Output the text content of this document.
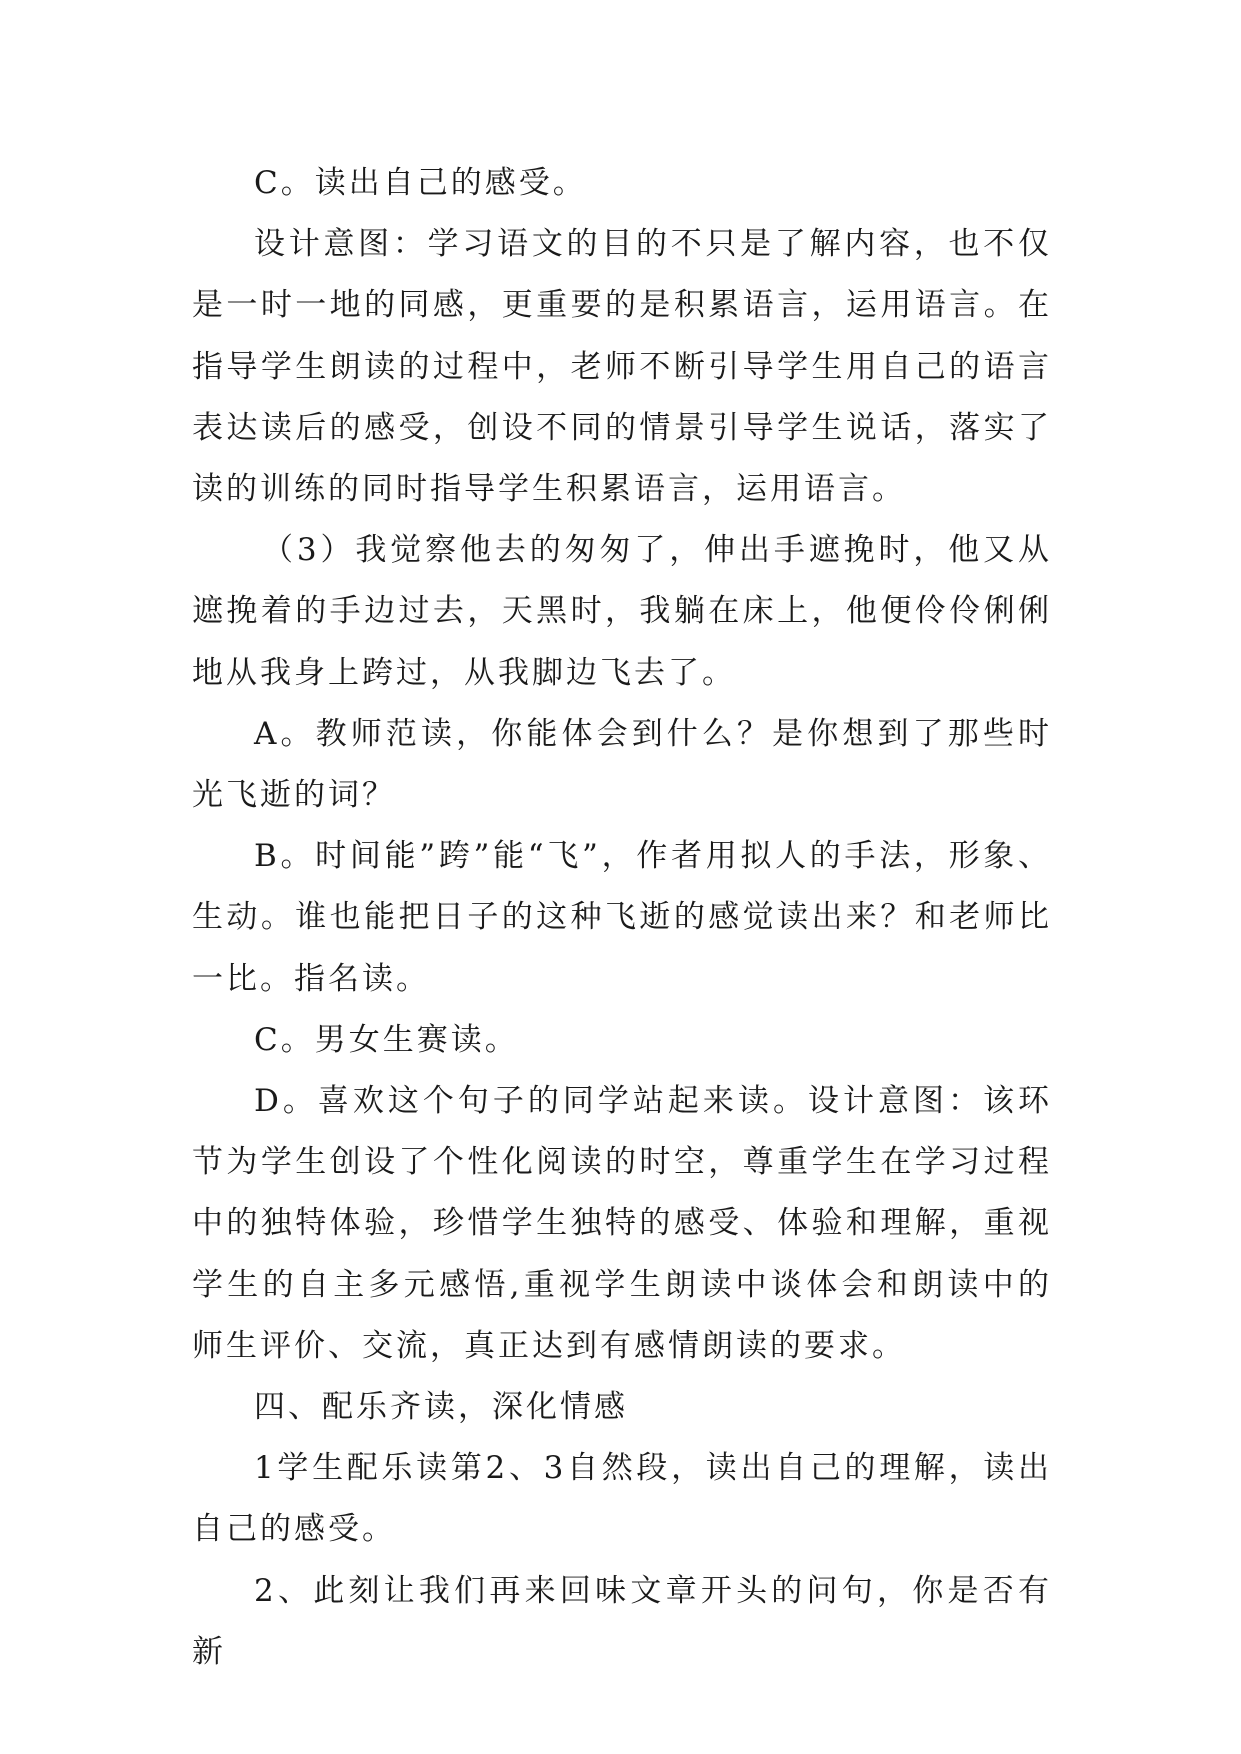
C。读出自己的感受。

设计意图：学习语文的目的不只是了解内容，也不仅是一时一地的同感，更重要的是积累语言，运用语言。在指导学生朗读的过程中，老师不断引导学生用自己的语言表达读后的感受，创设不同的情景引导学生说话，落实了读的训练的同时指导学生积累语言，运用语言。

（3）我觉察他去的匆匆了，伸出手遮挽时，他又从遮挽着的手边过去，天黑时，我躺在床上，他便伶伶俐俐地从我身上跨过，从我脚边飞去了。

A。教师范读，你能体会到什么？是你想到了那些时光飞逝的词？

B。时间能”跨”能“飞”，作者用拟人的手法，形象、生动。谁也能把日子的这种飞逝的感觉读出来？和老师比一比。指名读。

C。男女生赛读。

D。喜欢这个句子的同学站起来读。设计意图：该环节为学生创设了个性化阅读的时空，尊重学生在学习过程中的独特体验，珍惜学生独特的感受、体验和理解，重视学生的自主多元感悟,重视学生朗读中谈体会和朗读中的师生评价、交流，真正达到有感情朗读的要求。

四、配乐齐读，深化情感

1学生配乐读第2、3自然段，读出自己的理解，读出自己的感受。

2、此刻让我们再来回味文章开头的问句，你是否有新
